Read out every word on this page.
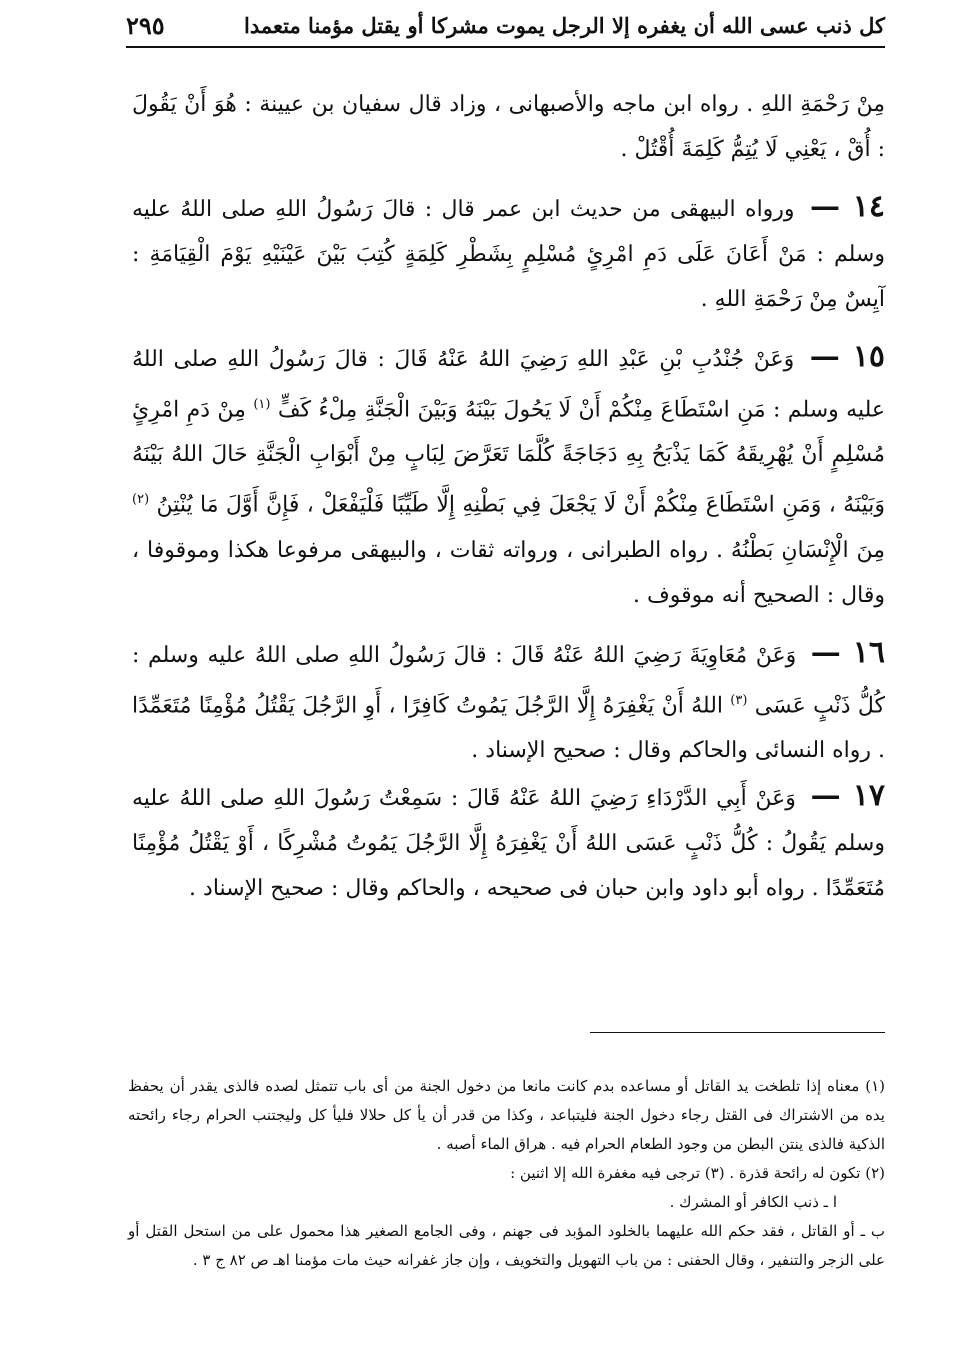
كل ذنب عسى الله أن يغفره إلا الرجل يموت مشركا أو يقتل مؤمنا متعمدا
٢٩٥

مِنْ رَحْمَةِ اللهِ . رواه ابن ماجه والأصبهانى ، وزاد قال سفيان بن عيينة : هُوَ أَنْ يَقُولَ : أُقْ ، يَعْنِي لَا يُتِمُّ كَلِمَةَ أُقْتُلْ .

١٤ — ورواه البيهقى من حديث ابن عمر قال : قالَ رَسُولُ اللهِ صلى اللهُ عليه وسلم : مَنْ أَعَانَ عَلَى دَمِ امْرِئٍ مُسْلِمٍ بِشَطْرِ كَلِمَةٍ كُتِبَ بَيْنَ عَيْنَيْهِ يَوْمَ الْقِيَامَةِ : آيِسٌ مِنْ رَحْمَةِ اللهِ .

١٥ — وَعَنْ جُنْدُبِ بْنِ عَبْدِ اللهِ رَضِيَ اللهُ عَنْهُ قَالَ : قالَ رَسُولُ اللهِ صلى اللهُ عليه وسلم : مَنِ اسْتَطَاعَ مِنْكُمْ أَنْ لَا يَحُولَ بَيْنَهُ وَبَيْنَ الْجَنَّةِ مِلْءُ كَفٍّ $^{(١)}$ مِنْ دَمِ امْرِئٍ مُسْلِمٍ أَنْ يُهْرِيقَهُ كَمَا يَذْبَحُ بِهِ دَجَاجَةً كُلَّمَا تَعَرَّضَ لِبَابٍ مِنْ أَبْوَابِ الْجَنَّةِ حَالَ اللهُ بَيْنَهُ وَبَيْنَهُ ، وَمَنِ اسْتَطَاعَ مِنْكُمْ أَنْ لَا يَجْعَلَ فِي بَطْنِهِ إِلَّا طَيِّبًا فَلْيَفْعَلْ ، فَإِنَّ أَوَّلَ مَا يُنْتِنُ $^{(٢)}$ مِنَ الْإِنْسَانِ بَطْنُهُ . رواه الطبرانى ، ورواته ثقات ، والبيهقى مرفوعا هكذا وموقوفا ، وقال : الصحيح أنه موقوف .

١٦ — وَعَنْ مُعَاوِيَةَ رَضِيَ اللهُ عَنْهُ قَالَ : قالَ رَسُولُ اللهِ صلى اللهُ عليه وسلم : كُلُّ ذَنْبٍ عَسَى $^{(٣)}$ اللهُ أَنْ يَغْفِرَهُ إِلَّا الرَّجُلَ يَمُوتُ كَافِرًا ، أَوِ الرَّجُلَ يَقْتُلُ مُؤْمِنًا مُتَعَمِّدًا . رواه النسائى والحاكم وقال : صحيح الإسناد .

١٧ — وَعَنْ أَبِي الدَّرْدَاءِ رَضِيَ اللهُ عَنْهُ قَالَ : سَمِعْتُ رَسُولَ اللهِ صلى اللهُ عليه وسلم يَقُولُ : كُلُّ ذَنْبٍ عَسَى اللهُ أَنْ يَغْفِرَهُ إِلَّا الرَّجُلَ يَمُوتُ مُشْرِكًا ، أَوْ يَقْتُلُ مُؤْمِنًا مُتَعَمِّدًا . رواه أبو داود وابن حبان فى صحيحه ، والحاكم وقال : صحيح الإسناد .

(١) معناه إذا تلطخت يد القاتل أو مساعده بدم كانت مانعا من دخول الجنة من أى باب تتمثل لصده فالذى يقدر أن يحفظ يده من الاشتراك فى القتل رجاء دخول الجنة فليتباعد ، وكذا من قدر أن يأ كل حلالا فليأ كل وليجتنب الحرام رجاء رائحته الذكية فالذى ينتن البطن من وجود الطعام الحرام فيه . هراق الماء أصبه .

(٢) تكون له رائحة قذرة . (٣) ترجى فيه مغفرة الله إلا اثنين :

ا ـ ذنب الكافر أو المشرك .

ب ـ أو القاتل ، فقد حكم الله عليهما بالخلود المؤبد فى جهنم ، وفى الجامع الصغير هذا محمول على من استحل القتل أو على الزجر والتنفير ، وقال الحفنى : من باب التهويل والتخويف ، وإن جاز غفرانه حيث مات مؤمنا اهـ ص ٨٢ ج ٣ .
